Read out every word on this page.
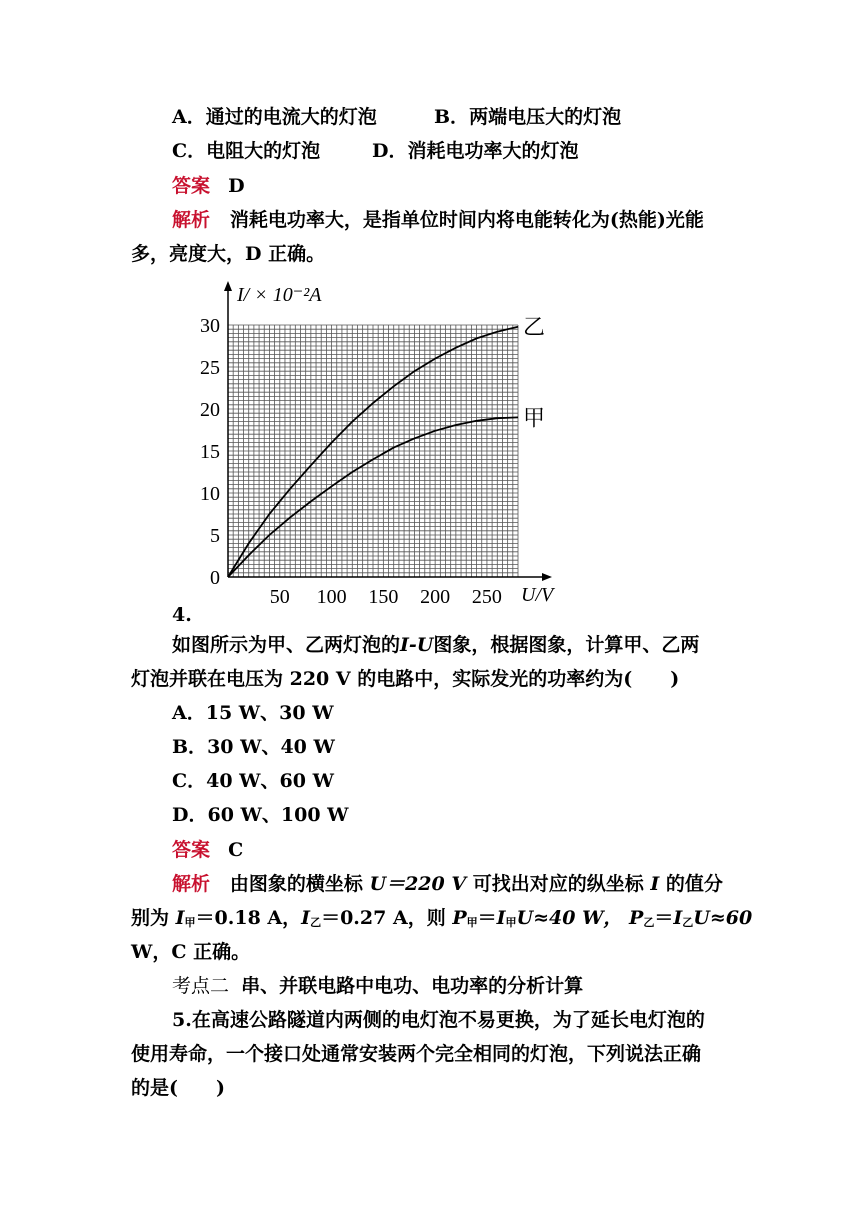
A．通过的电流大的灯泡	B．两端电压大的灯泡
C．电阻大的灯泡	D．消耗电功率大的灯泡
答案 D
解析 消耗电功率大，是指单位时间内将电能转化为(热能)光能
多，亮度大，D 正确。
乙
甲
0
5
10
15
20
25
30
50 100 150 200 250
I/ × 10⁻²A
U/V
4.
如图所示为甲、乙两灯泡的I-U图象，根据图象，计算甲、乙两
灯泡并联在电压为 220 V 的电路中，实际发光的功率约为(　　)
A．15 W、30 W
B．30 W、40 W
C．40 W、60 W
D．60 W、100 W
答案 C
解析 由图象的横坐标 U＝220 V 可找出对应的纵坐标 I 的值分
别为 I甲＝0.18 A，I乙＝0.27 A，则 P甲＝I甲U≈40 W， P乙＝I乙U≈60
W，C 正确。
考点二 串、并联电路中电功、电功率的分析计算
5.在高速公路隧道内两侧的电灯泡不易更换，为了延长电灯泡的
使用寿命，一个接口处通常安装两个完全相同的灯泡，下列说法正确
的是(　　)
